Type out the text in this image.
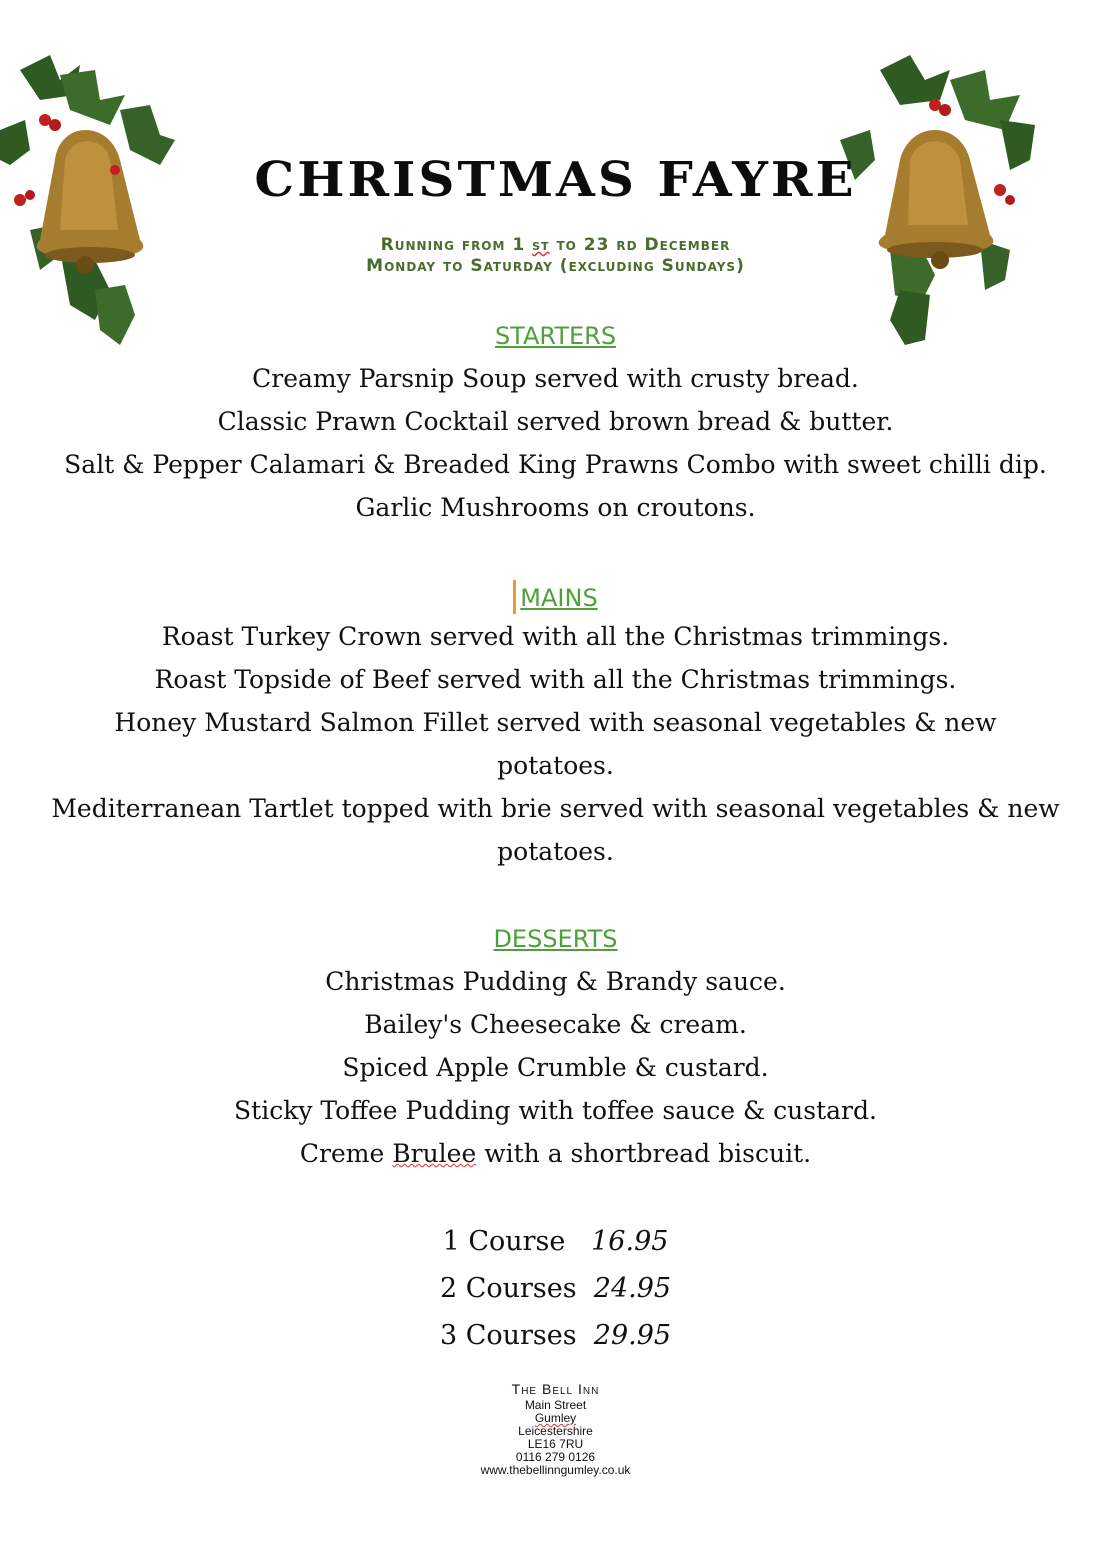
CHRISTMAS FAYRE
Running from 1 st to 23 rd December
Monday to Saturday (excluding Sundays)
STARTERS
Creamy Parsnip Soup served with crusty bread.
Classic Prawn Cocktail served brown bread & butter.
Salt & Pepper Calamari & Breaded King Prawns Combo with sweet chilli dip.
Garlic Mushrooms on croutons.
MAINS
Roast Turkey Crown served with all the Christmas trimmings.
Roast Topside of Beef served with all the Christmas trimmings.
Honey Mustard Salmon Fillet served with seasonal vegetables & new
potatoes.
Mediterranean Tartlet topped with brie served with seasonal vegetables & new
potatoes.
DESSERTS
Christmas Pudding & Brandy sauce.
Bailey's Cheesecake & cream.
Spiced Apple Crumble & custard.
Sticky Toffee Pudding with toffee sauce & custard.
Creme Brulee with a shortbread biscuit.
1 Course   16.95
2 Courses  24.95
3 Courses  29.95
The Bell Inn
Main Street
Gumley
Leicestershire
LE16 7RU
0116 279 0126
www.thebellinngumley.co.uk
